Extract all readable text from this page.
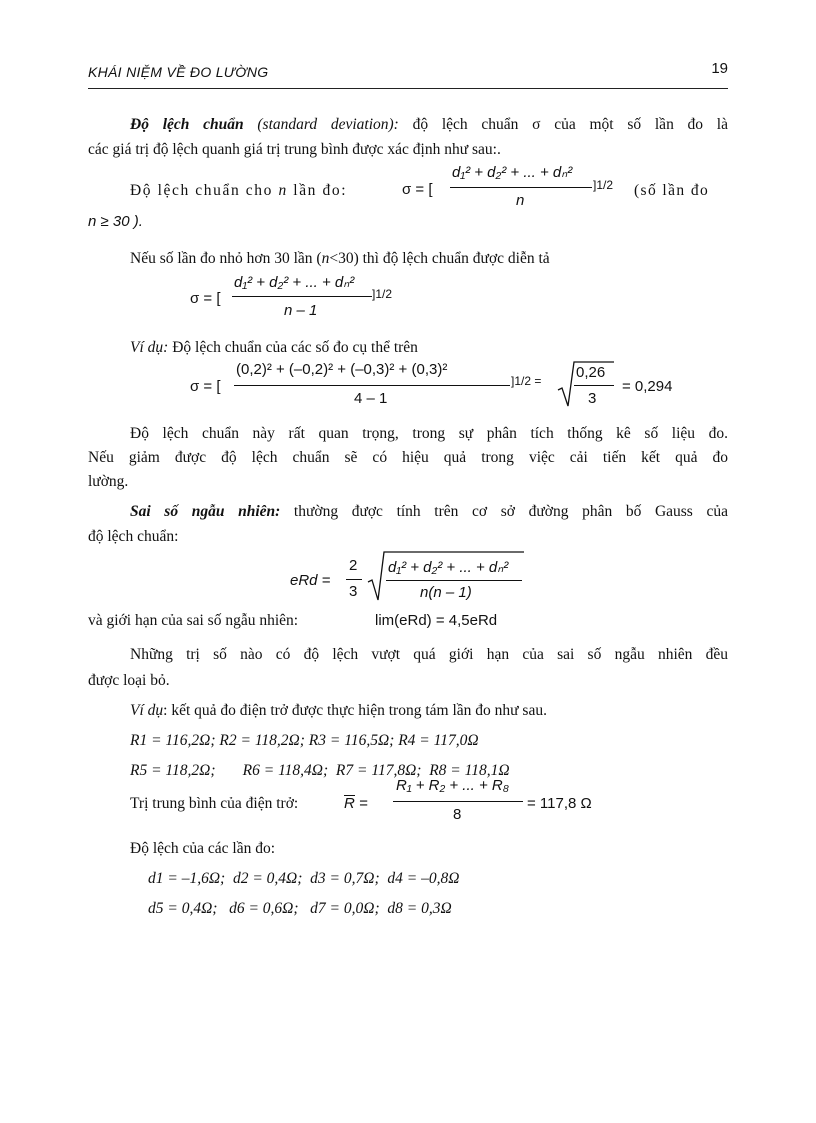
KHÁI NIỆM VỀ ĐO LƯỜNG	19
Độ lệch chuẩn (standard deviation): độ lệch chuẩn σ của một số lần đo là
các giá trị độ lệch quanh giá trị trung bình được xác định như sau:.
Độ lệch chuẩn cho n lần đo:	σ = [
d₁² + d₂² + ... + dₙ²
n
]1/2 (số lần đo
n ≥ 30 ).
Nếu số lần đo nhỏ hơn 30 lần (n<30) thì độ lệch chuẩn được diễn tả
σ = [
d₁² + d₂² + ... + dₙ²
n – 1
]1/2
Ví dụ: Độ lệch chuẩn của các số đo cụ thể trên
σ = [
(0,2)² + (–0,2)² + (–0,3)² + (0,3)²
4 – 1
]1/2 = 0,26
3
= 0,294
Độ lệch chuẩn này rất quan trọng, trong sự phân tích thống kê số liệu đo.
Nếu giảm được độ lệch chuẩn sẽ có hiệu quả trong việc cải tiến kết quả đo
lường.
Sai số ngẫu nhiên: thường được tính trên cơ sở đường phân bố Gauss của
độ lệch chuẩn:
eRd =
2
3
d₁² + d₂² + ... + dₙ²
n(n – 1)
và giới hạn của sai số ngẫu nhiên:	lim(eRd) = 4,5eRd
Những trị số nào có độ lệch vượt quá giới hạn của sai số ngẫu nhiên đều
được loại bỏ.
Ví dụ: kết quả đo điện trở được thực hiện trong tám lần đo như sau.
R1 = 116,2Ω; R2 = 118,2Ω; R3 = 116,5Ω; R4 = 117,0Ω
R5 = 118,2Ω;       R6 = 118,4Ω;  R7 = 117,8Ω;  R8 = 118,1Ω
Trị trung bình của điện trở:	R =
R₁ + R₂ + ... + R₈
8
= 117,8 Ω
Độ lệch của các lần đo:
d1 = –1,6Ω;  d2 = 0,4Ω;  d3 = 0,7Ω;  d4 = –0,8Ω
d5 = 0,4Ω;   d6 = 0,6Ω;   d7 = 0,0Ω;  d8 = 0,3Ω
